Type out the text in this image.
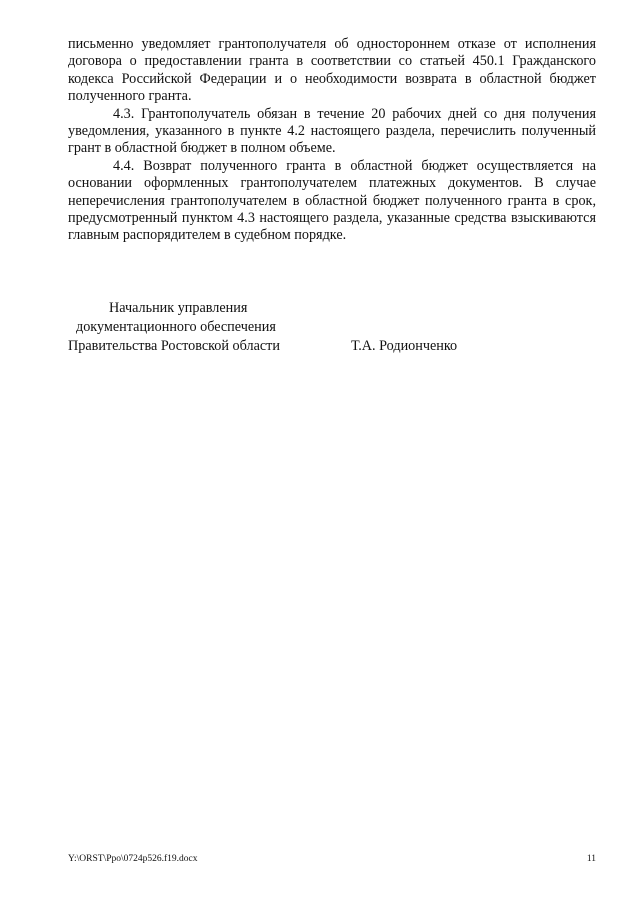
письменно уведомляет грантополучателя об одностороннем отказе от исполнения договора о предоставлении гранта в соответствии со статьей 450.1 Гражданского кодекса Российской Федерации и о необходимости возврата в областной бюджет полученного гранта.

4.3. Грантополучатель обязан в течение 20 рабочих дней со дня получения уведомления, указанного в пункте 4.2 настоящего раздела, перечислить полученный грант в областной бюджет в полном объеме.

4.4. Возврат полученного гранта в областной бюджет осуществляется на основании оформленных грантополучателем платежных документов. В случае неперечисления грантополучателем в областной бюджет полученного гранта в срок, предусмотренный пунктом 4.3 настоящего раздела, указанные средства взыскиваются главным распорядителем в судебном порядке.

Начальник управления
документационного обеспечения
Правительства Ростовской области	Т.А. Родионченко
Y:\ORST\Ppo\0724p526.f19.docx	11
